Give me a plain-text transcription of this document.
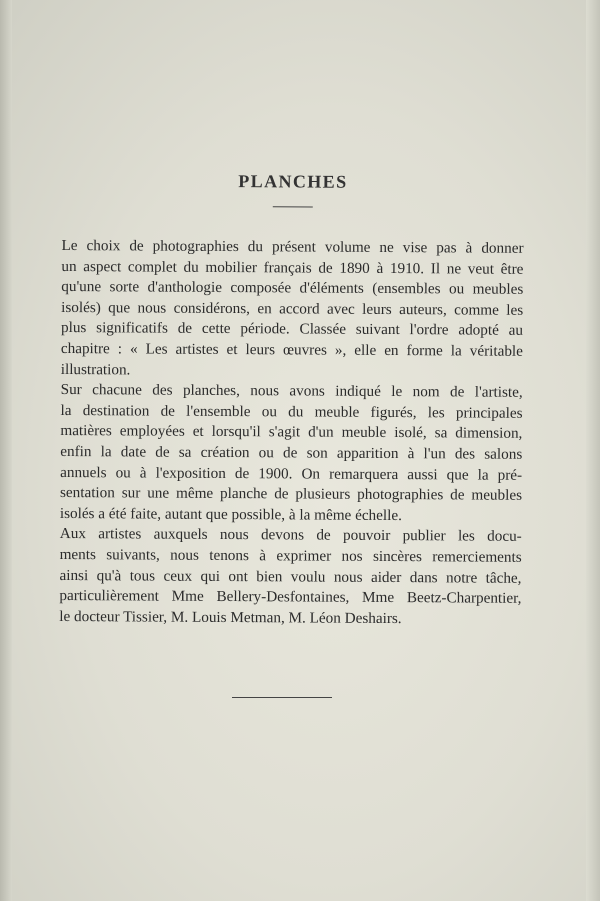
PLANCHES

Le choix de photographies du présent volume ne vise pas à donner
un aspect complet du mobilier français de 1890 à 1910. Il ne veut être
qu'une sorte d'anthologie composée d'éléments (ensembles ou meubles
isolés) que nous considérons, en accord avec leurs auteurs, comme les
plus significatifs de cette période. Classée suivant l'ordre adopté au
chapitre : « Les artistes et leurs œuvres », elle en forme la véritable
illustration.

Sur chacune des planches, nous avons indiqué le nom de l'artiste,
la destination de l'ensemble ou du meuble figurés, les principales
matières employées et lorsqu'il s'agit d'un meuble isolé, sa dimension,
enfin la date de sa création ou de son apparition à l'un des salons
annuels ou à l'exposition de 1900. On remarquera aussi que la pré-
sentation sur une même planche de plusieurs photographies de meubles
isolés a été faite, autant que possible, à la même échelle.

Aux artistes auxquels nous devons de pouvoir publier les docu-
ments suivants, nous tenons à exprimer nos sincères remerciements
ainsi qu'à tous ceux qui ont bien voulu nous aider dans notre tâche,
particulièrement Mme Bellery-Desfontaines, Mme Beetz-Charpentier,
le docteur Tissier, M. Louis Metman, M. Léon Deshairs.
